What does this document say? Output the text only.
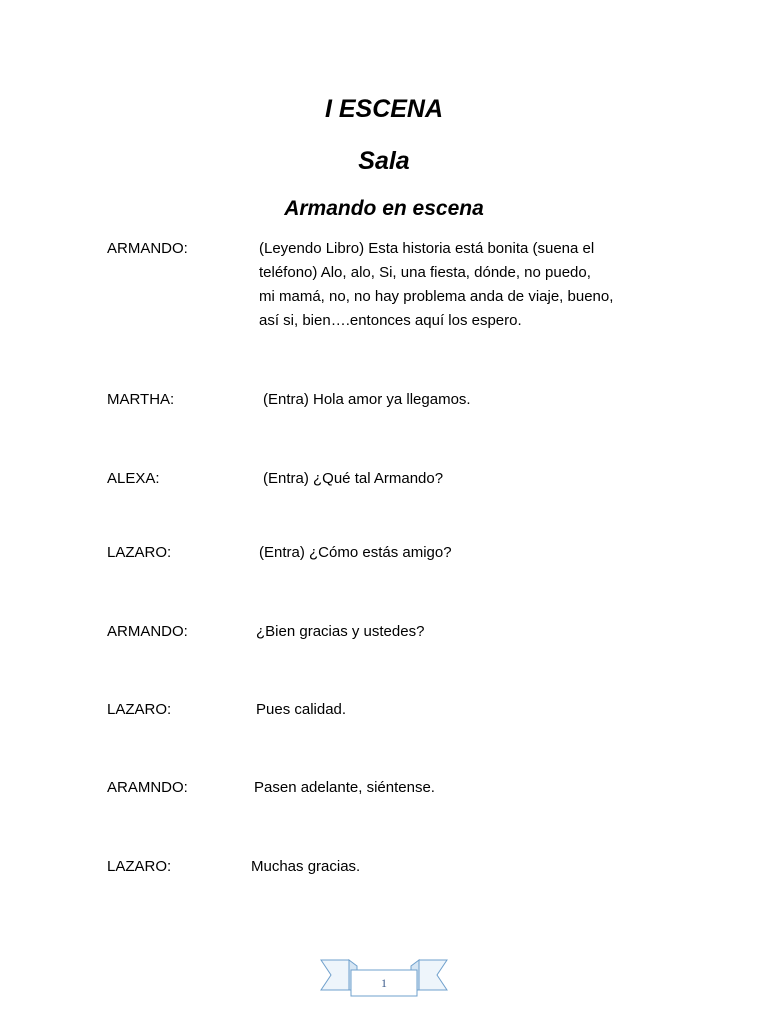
I ESCENA
Sala
Armando en escena
ARMANDO:	(Leyendo Libro) Esta historia está bonita (suena el
teléfono) Alo, alo, Si, una fiesta, dónde, no puedo,
mi mamá, no, no hay problema anda de viaje, bueno,
así si, bien….entonces aquí los espero.
MARTHA:	(Entra) Hola amor ya llegamos.
ALEXA:	(Entra) ¿Qué tal Armando?
LAZARO:	(Entra) ¿Cómo estás amigo?
ARMANDO:	¿Bien gracias y ustedes?
LAZARO:	Pues calidad.
ARAMNDO:	Pasen adelante, siéntense.
LAZARO:	Muchas gracias.
1
